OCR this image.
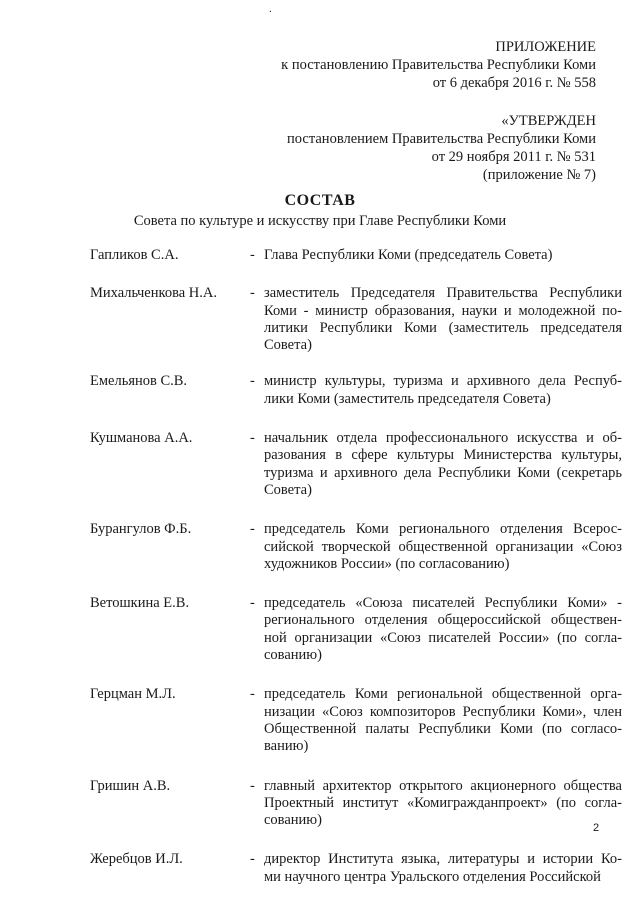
.
ПРИЛОЖЕНИЕ
к постановлению Правительства Республики Коми
от 6 декабря 2016 г. № 558
«УТВЕРЖДЕН
постановлением Правительства Республики Коми
от 29 ноября 2011 г. № 531
(приложение № 7)
СОСТАВ
Совета по культуре и искусству при Главе Республики Коми
Гапликов С.А.	- Глава Республики Коми (председатель Совета)
Михальченкова Н.А.	- заместитель Председателя Правительства Республики
Коми - министр образования, науки и молодежной по-
литики Республики Коми (заместитель председателя
Совета)
Емельянов С.В.	- министр культуры, туризма и архивного дела Респуб-
лики Коми (заместитель председателя Совета)
Кушманова А.А.	- начальник отдела профессионального искусства и об-
разования в сфере культуры Министерства культуры,
туризма и архивного дела Республики Коми (секретарь
Совета)
Бурангулов Ф.Б.	- председатель Коми регионального отделения Всерос-
сийской творческой общественной организации «Союз
художников России» (по согласованию)
Ветошкина Е.В.	- председатель «Союза писателей Республики Коми» -
регионального отделения общероссийской обществен-
ной организации «Союз писателей России» (по согла-
сованию)
Герцман М.Л.	- председатель Коми региональной общественной орга-
низации «Союз композиторов Республики Коми», член
Общественной палаты Республики Коми (по согласо-
ванию)
Гришин А.В.	- главный архитектор открытого акционерного общества
Проектный институт «Комигражданпроект» (по согла-
сованию)
Жеребцов И.Л.	- директор Института языка, литературы и истории Ко-
ми научного центра Уральского отделения Российской
2
